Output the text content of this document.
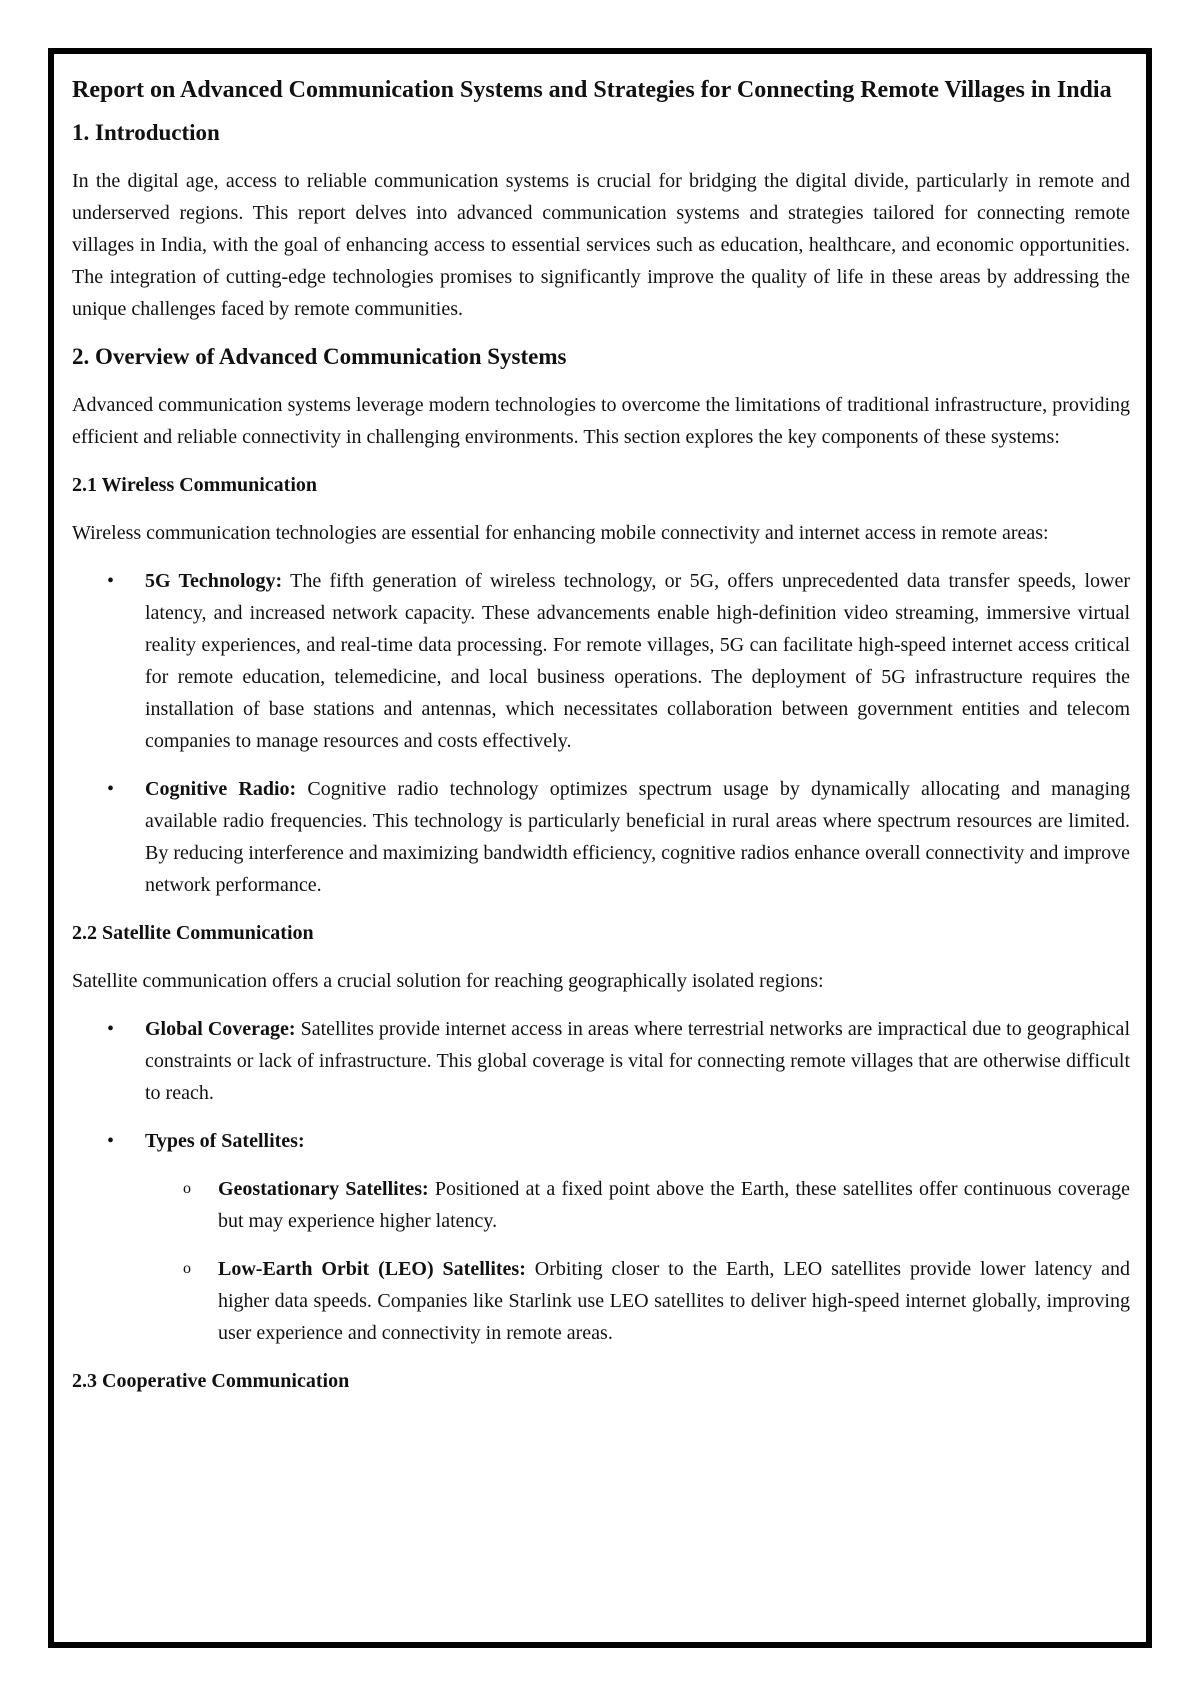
Report on Advanced Communication Systems and Strategies for Connecting Remote Villages in India
1. Introduction

In the digital age, access to reliable communication systems is crucial for bridging the digital divide, particularly in remote and underserved regions. This report delves into advanced communication systems and strategies tailored for connecting remote villages in India, with the goal of enhancing access to essential services such as education, healthcare, and economic opportunities. The integration of cutting-edge technologies promises to significantly improve the quality of life in these areas by addressing the unique challenges faced by remote communities.

2. Overview of Advanced Communication Systems

Advanced communication systems leverage modern technologies to overcome the limitations of traditional infrastructure, providing efficient and reliable connectivity in challenging environments. This section explores the key components of these systems:

2.1 Wireless Communication

Wireless communication technologies are essential for enhancing mobile connectivity and internet access in remote areas:

• 5G Technology: The fifth generation of wireless technology, or 5G, offers unprecedented data transfer speeds, lower latency, and increased network capacity. These advancements enable high-definition video streaming, immersive virtual reality experiences, and real-time data processing. For remote villages, 5G can facilitate high-speed internet access critical for remote education, telemedicine, and local business operations. The deployment of 5G infrastructure requires the installation of base stations and antennas, which necessitates collaboration between government entities and telecom companies to manage resources and costs effectively.
• Cognitive Radio: Cognitive radio technology optimizes spectrum usage by dynamically allocating and managing available radio frequencies. This technology is particularly beneficial in rural areas where spectrum resources are limited. By reducing interference and maximizing bandwidth efficiency, cognitive radios enhance overall connectivity and improve network performance.
2.2 Satellite Communication

Satellite communication offers a crucial solution for reaching geographically isolated regions:

• Global Coverage: Satellites provide internet access in areas where terrestrial networks are impractical due to geographical constraints or lack of infrastructure. This global coverage is vital for connecting remote villages that are otherwise difficult to reach.
• Types of Satellites:
o Geostationary Satellites: Positioned at a fixed point above the Earth, these satellites offer continuous coverage but may experience higher latency.
o Low-Earth Orbit (LEO) Satellites: Orbiting closer to the Earth, LEO satellites provide lower latency and higher data speeds. Companies like Starlink use LEO satellites to deliver high-speed internet globally, improving user experience and connectivity in remote areas.
2.3 Cooperative Communication
